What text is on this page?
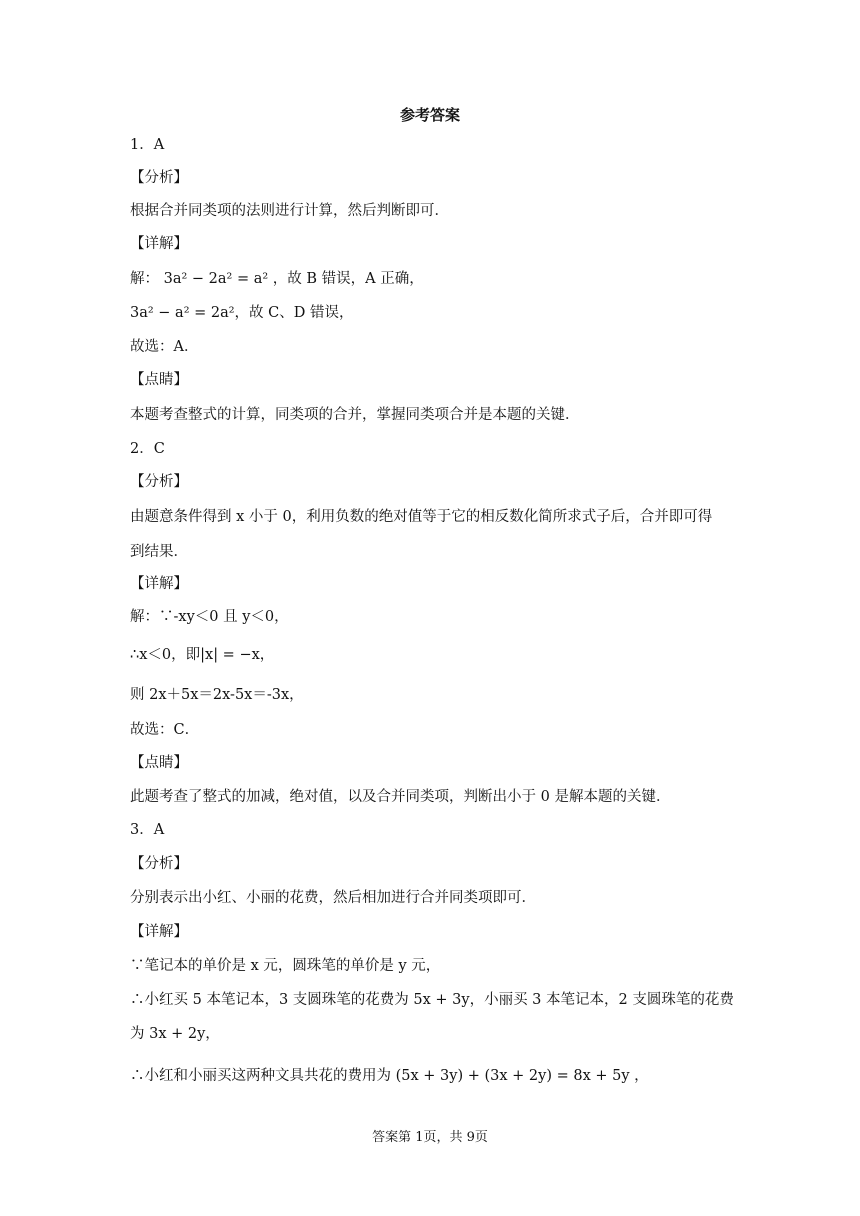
参考答案
1．A
【分析】
根据合并同类项的法则进行计算，然后判断即可．
【详解】
解： 3a² − 2a² = a² ，故 B 错误，A 正确，
3a² − a² = 2a²，故 C、D 错误，
故选：A．
【点睛】
本题考查整式的计算，同类项的合并，掌握同类项合并是本题的关键．
2．C
【分析】
由题意条件得到 x 小于 0，利用负数的绝对值等于它的相反数化简所求式子后，合并即可得
到结果．
【详解】
解：∵-xy＜0 且 y＜0，
∴x＜0，即|x| = −x，
则 2x＋5x＝2x-5x＝-3x，
故选：C．
【点睛】
此题考查了整式的加减，绝对值，以及合并同类项，判断出小于 0 是解本题的关键．
3．A
【分析】
分别表示出小红、小丽的花费，然后相加进行合并同类项即可．
【详解】
∵笔记本的单价是 x 元，圆珠笔的单价是 y 元，
∴小红买 5 本笔记本，3 支圆珠笔的花费为 5x + 3y，小丽买 3 本笔记本，2 支圆珠笔的花费
为 3x + 2y，
∴小红和小丽买这两种文具共花的费用为 (5x + 3y) + (3x + 2y) = 8x + 5y ，
答案第 1页，共 9页
